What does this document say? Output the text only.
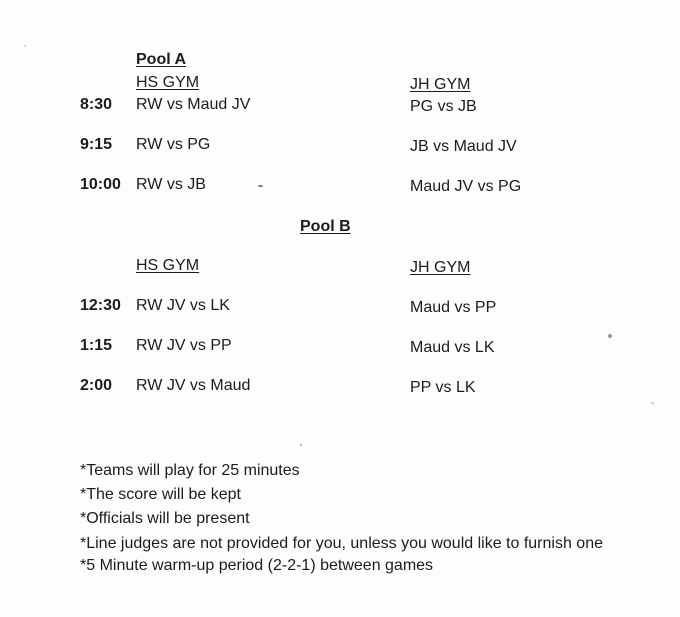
Pool A
HS GYM	JH GYM
8:30 RW vs Maud JV	PG vs JB
9:15 RW vs PG	JB vs Maud JV
10:00 RW vs JB	Maud JV vs PG
Pool B
HS GYM	JH GYM
12:30 RW JV vs LK	Maud vs PP
1:15 RW JV vs PP	Maud vs LK
2:00 RW JV vs Maud	PP vs LK
*Teams will play for 25 minutes
*The score will be kept
*Officials will be present
*Line judges are not provided for you, unless you would like to furnish one
*5 Minute warm-up period (2-2-1) between games
